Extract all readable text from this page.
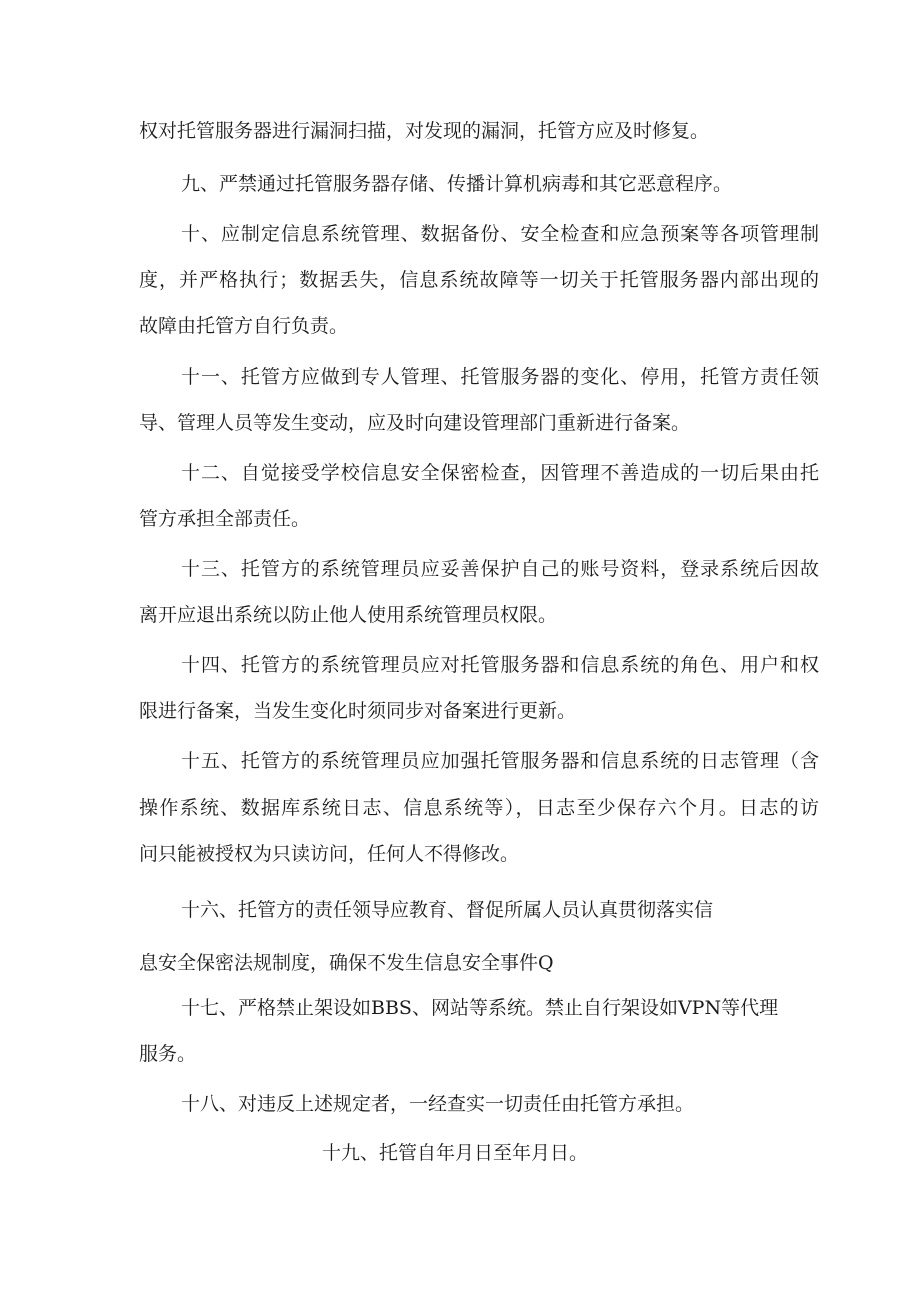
权对托管服务器进行漏洞扫描，对发现的漏洞，托管方应及时修复。
九、严禁通过托管服务器存储、传播计算机病毒和其它恶意程序。
十、应制定信息系统管理、数据备份、安全检查和应急预案等各项管理制
度，并严格执行；数据丢失，信息系统故障等一切关于托管服务器内部出现的
故障由托管方自行负责。
十一、托管方应做到专人管理、托管服务器的变化、停用，托管方责任领
导、管理人员等发生变动，应及时向建设管理部门重新进行备案。
十二、自觉接受学校信息安全保密检查，因管理不善造成的一切后果由托
管方承担全部责任。
十三、托管方的系统管理员应妥善保护自己的账号资料，登录系统后因故
离开应退出系统以防止他人使用系统管理员权限。
十四、托管方的系统管理员应对托管服务器和信息系统的角色、用户和权
限进行备案，当发生变化时须同步对备案进行更新。
十五、托管方的系统管理员应加强托管服务器和信息系统的日志管理（含
操作系统、数据库系统日志、信息系统等），日志至少保存六个月。日志的访
问只能被授权为只读访问，任何人不得修改。
十六、托管方的责任领导应教育、督促所属人员认真贯彻落实信
息安全保密法规制度，确保不发生信息安全事件Q
十七、严格禁止架设如BBS、网站等系统。禁止自行架设如VPN等代理
服务。
十八、对违反上述规定者，一经查实一切责任由托管方承担。
十九、托管自年月日至年月日。
